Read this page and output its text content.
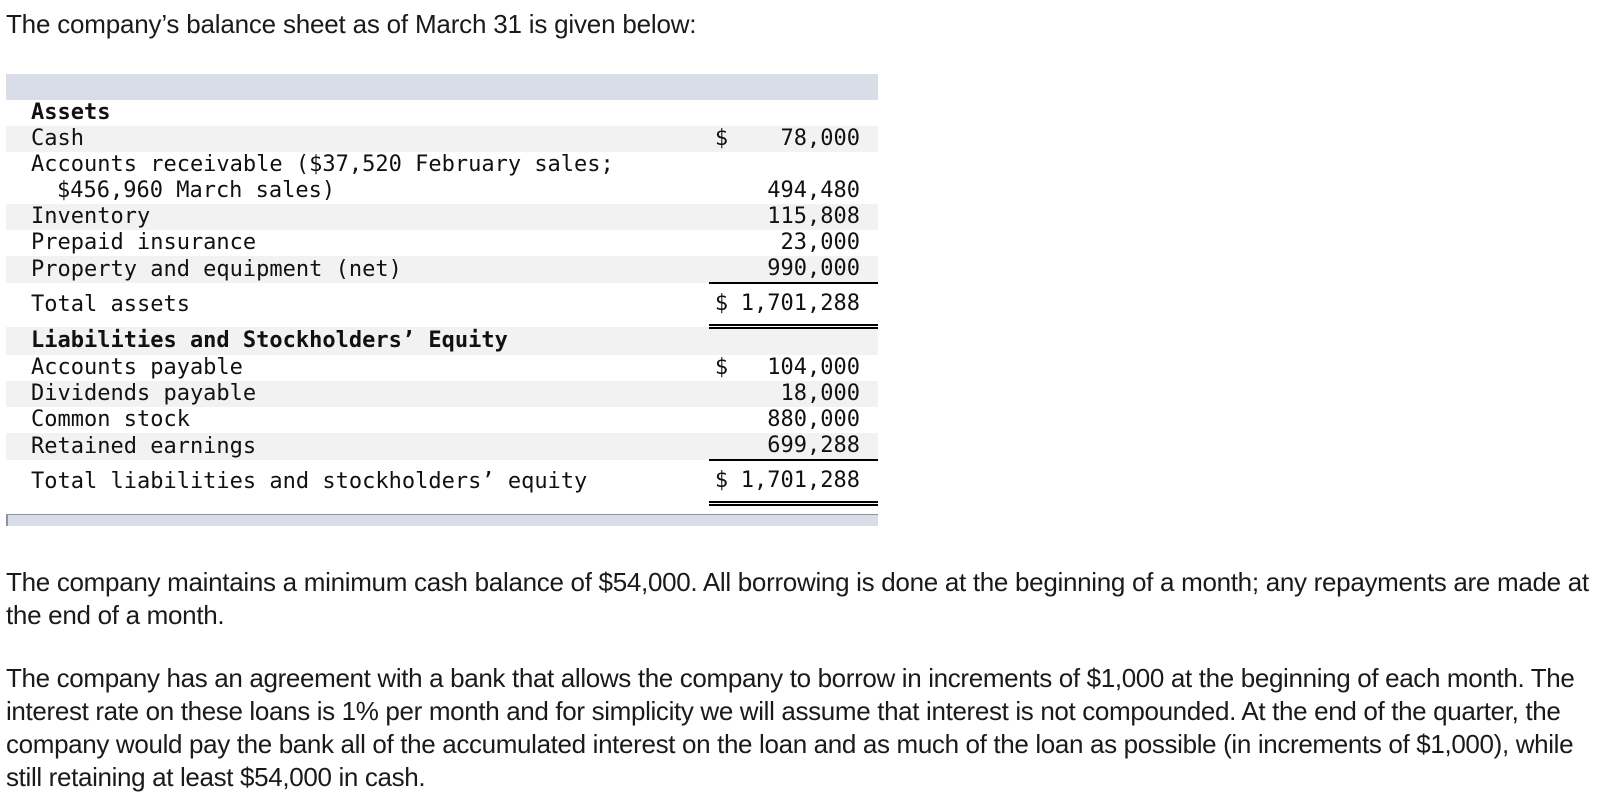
The company’s balance sheet as of March 31 is given below:

Assets		
Cash	$	78,000
Accounts receivable ($37,520 February sales;		
$456,960 March sales)		494,480
Inventory		115,808
Prepaid insurance		23,000
Property and equipment (net)		990,000
Total assets	$	1,701,288
Liabilities and Stockholders’ Equity		
Accounts payable	$	104,000
Dividends payable		18,000
Common stock		880,000
Retained earnings		699,288
Total liabilities and stockholders’ equity	$	1,701,288

The company maintains a minimum cash balance of $54,000. All borrowing is done at the beginning of a month; any repayments are made at the end of a month.

The company has an agreement with a bank that allows the company to borrow in increments of $1,000 at the beginning of each month. The interest rate on these loans is 1% per month and for simplicity we will assume that interest is not compounded. At the end of the quarter, the company would pay the bank all of the accumulated interest on the loan and as much of the loan as possible (in increments of $1,000), while still retaining at least $54,000 in cash.
